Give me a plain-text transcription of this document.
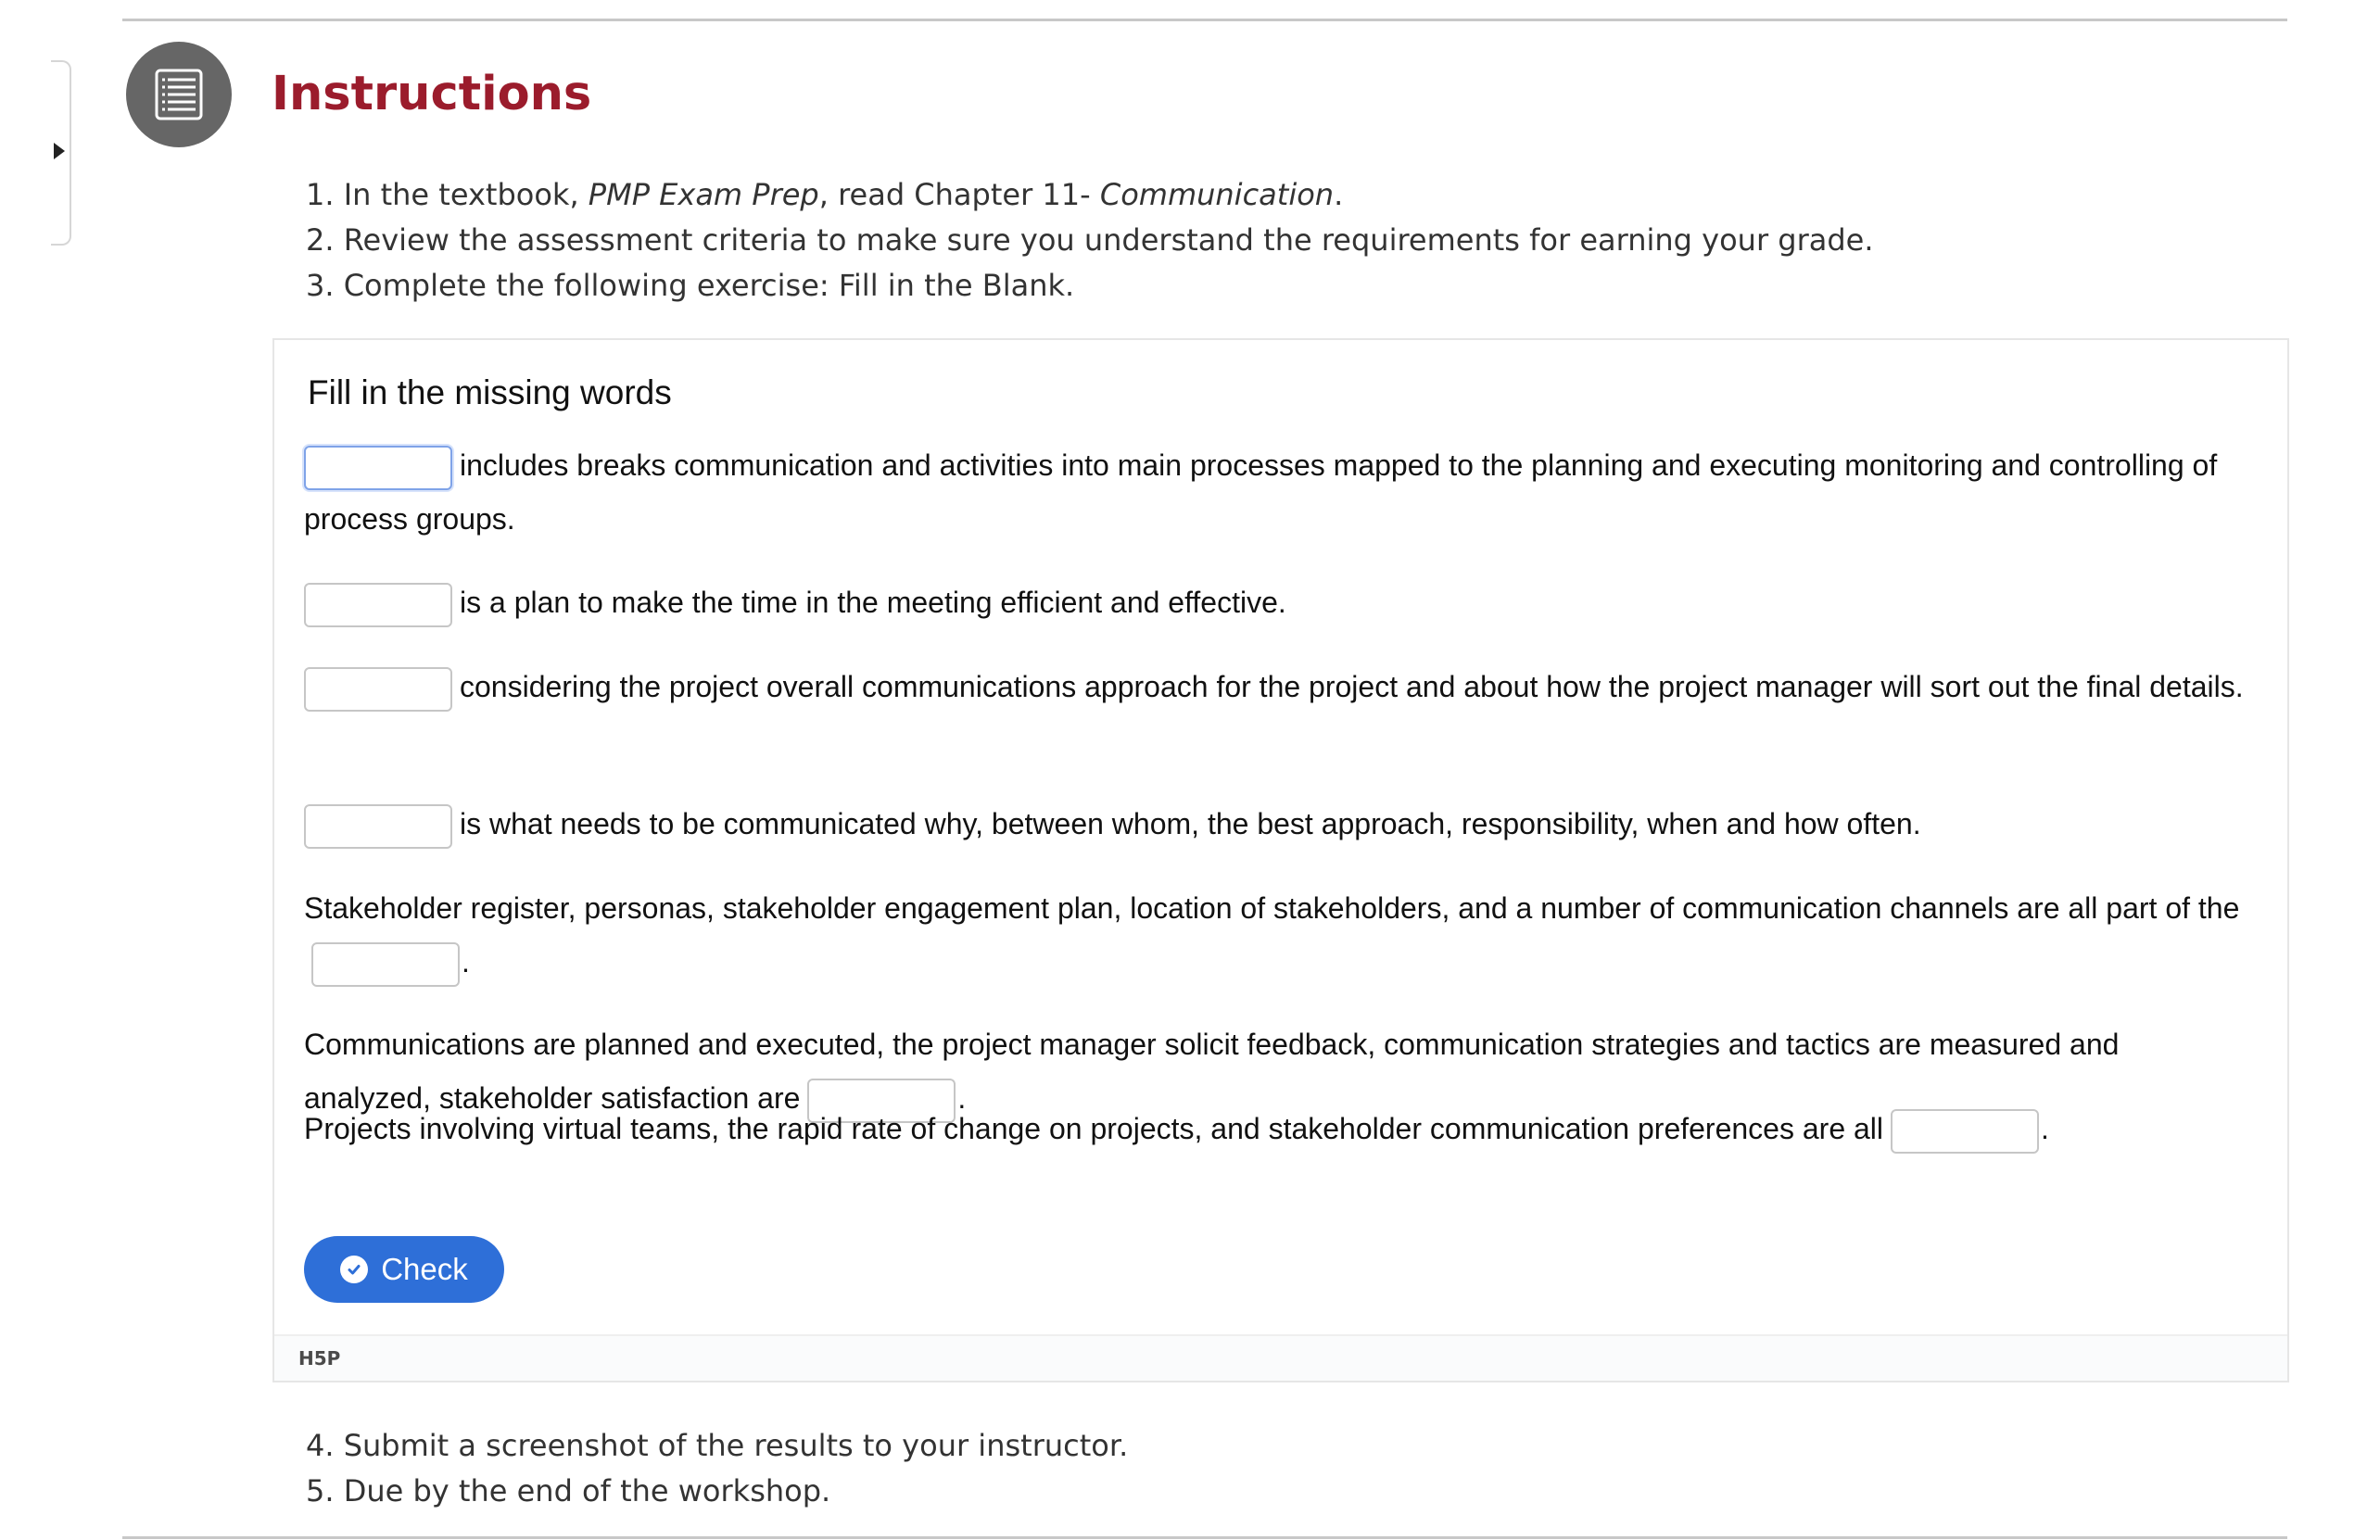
Instructions
1. In the textbook, PMP Exam Prep, read Chapter 11- Communication.
2. Review the assessment criteria to make sure you understand the requirements for earning your grade.
3. Complete the following exercise: Fill in the Blank.
Fill in the missing words

includes breaks communication and activities into main processes mapped to the planning and executing monitoring and controlling of process groups.

is a plan to make the time in the meeting efficient and effective.

considering the project overall communications approach for the project and about how the project manager will sort out the final details.

is what needs to be communicated why, between whom, the best approach, responsibility, when and how often.

Stakeholder register, personas, stakeholder engagement plan, location of stakeholders, and a number of communication channels are all part of the.

Communications are planned and executed, the project manager solicit feedback, communication strategies and tactics are measured and analyzed, stakeholder satisfaction are	.

Projects involving virtual teams, the rapid rate of change on projects, and stakeholder communication preferences are all	.

Check
H5P
4. Submit a screenshot of the results to your instructor.
5. Due by the end of the workshop.
